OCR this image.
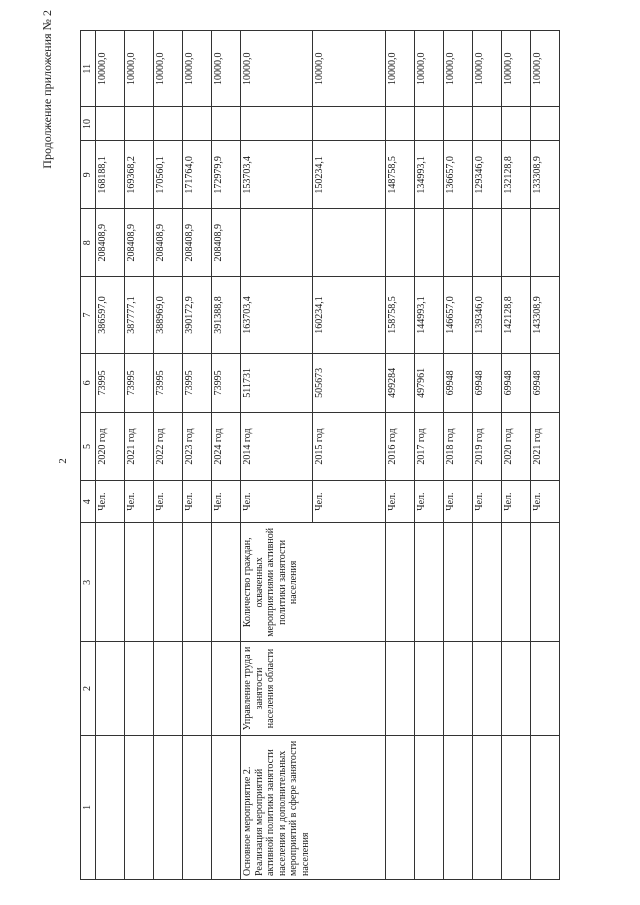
2
Продолжение приложения № 2
1	2	3	4	5	6	7	8	9	10	11
			Чел.	2020 год	73995	386597,0	208408,9	168188,1		10000,0
			Чел.	2021 год	73995	387777,1	208408,9	169368,2		10000,0
			Чел.	2022 год	73995	388969,0	208408,9	170560,1		10000,0
			Чел.	2023 год	73995	390172,9	208408,9	171764,0		10000,0
			Чел.	2024 год	73995	391388,8	208408,9	172979,9		10000,0
Основное мероприятие 2. Реализация мероприятий активной политики занятости населения и дополнительных мероприятий в сфере занятости населения	Управление труда и занятости населения области	Количество граждан, охваченных мероприятиями активной политики занятости населения	Чел.	2014 год	511731	163703,4		153703,4		10000,0
			Чел.	2015 год	505673	160234,1		150234,1		10000,0
			Чел.	2016 год	499284	158758,5		148758,5		10000,0
			Чел.	2017 год	497961	144993,1		134993,1		10000,0
			Чел.	2018 год	69948	146657,0		136657,0		10000,0
			Чел.	2019 год	69948	139346,0		129346,0		10000,0
			Чел.	2020 год	69948	142128,8		132128,8		10000,0
			Чел.	2021 год	69948	143308,9		133308,9		10000,0
